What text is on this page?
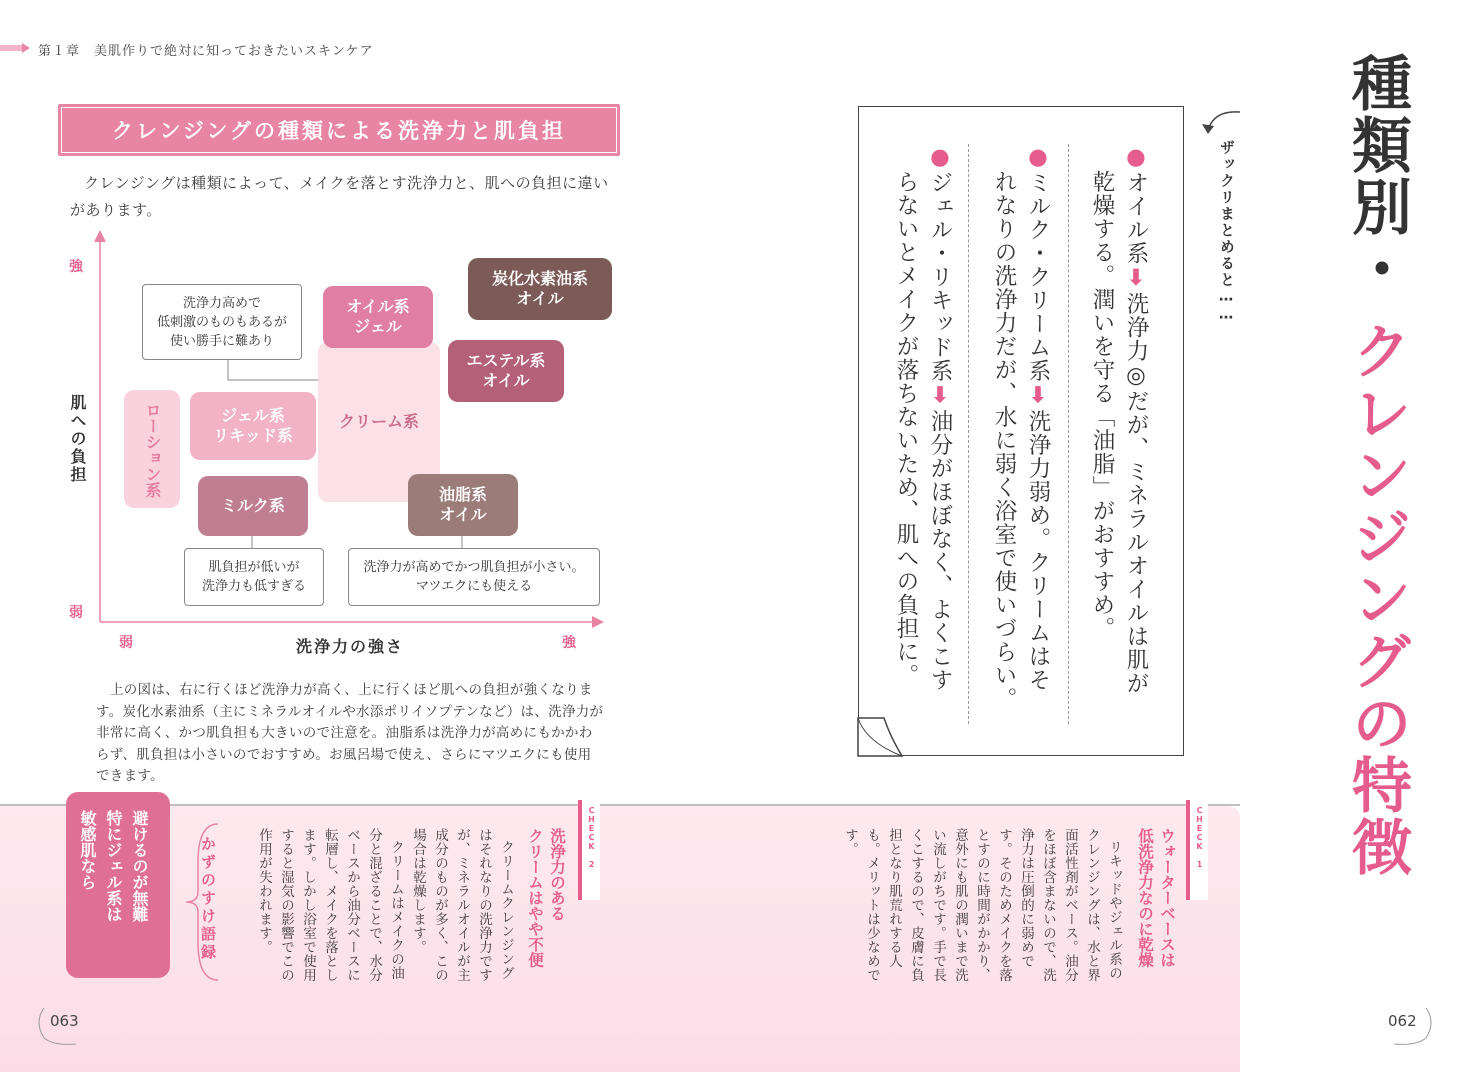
第１章　美肌作りで絶対に知っておきたいスキンケア
クレンジングの種類による洗浄力と肌負担
クレンジングは種類によって、メイクを落とす洗浄力と、肌への負担に違いがあります。
強
弱
弱	強
肌への負担
洗浄力の強さ
クリーム系
炭化水素油系
オイル
オイル系
ジェル
エステル系
オイル
ジェル系
リキッド系
ローション系
ミルク系
油脂系
オイル
洗浄力高めで
低刺激のものもあるが
使い勝手に難あり
肌負担が低いが
洗浄力も低すぎる
洗浄力が高めでかつ肌負担が小さい。
マツエクにも使える
上の図は、右に行くほど洗浄力が高く、上に行くほど肌への負担が強くなります。炭化水素油系（主にミネラルオイルや水添ポリイソプテンなど）は、洗浄力が非常に高く、かつ肌負担も大きいので注意を。油脂系は洗浄力が高めにもかかわらず、肌負担は小さいのでおすすめ。お風呂場で使え、さらにマツエクにも使用できます。
敏感肌なら 特にジェル系は 避けるのが無難	かずのすけ語録	CHECK 2
洗浄力のある
クリームはやや不便
クリームクレンジング
はそれなりの洗浄力です
が、ミネラルオイルが主
成分のものが多く、この
場合は乾燥します。
クリームはメイクの油
分と混ざることで、水分
ベースから油分ベースに
転層し、メイクを落とし
ます。しかし浴室で使用
すると湿気の影響でこの
作用が失われます。
063
●オイル系⬇洗浄力◎だが、ミネラルオイルは肌が
乾燥する。潤いを守る「油脂」がおすすめ。
●ミルク・クリーム系⬇洗浄力弱め。クリームはそ
れなりの洗浄力だが、水に弱く浴室で使いづらい。
●ジェル・リキッド系⬇油分がほぼなく、よくこす
らないとメイクが落ちないため、肌への負担に。	ザックリまとめると…… 種類別・
クレンジングの特徴
CHECK 1
ウォーターベースは
低洗浄力なのに乾燥
リキッドやジェル系の
クレンジングは、水と界
面活性剤がベース。油分
をほぼ含まないので、洗
浄力は圧倒的に弱めで
す。そのためメイクを落
とすのに時間がかかり、
意外にも肌の潤いまで洗
い流しがちです。手で長
くこするので、皮膚に負
担となり肌荒れする人
も。メリットは少なめで
す。
062
